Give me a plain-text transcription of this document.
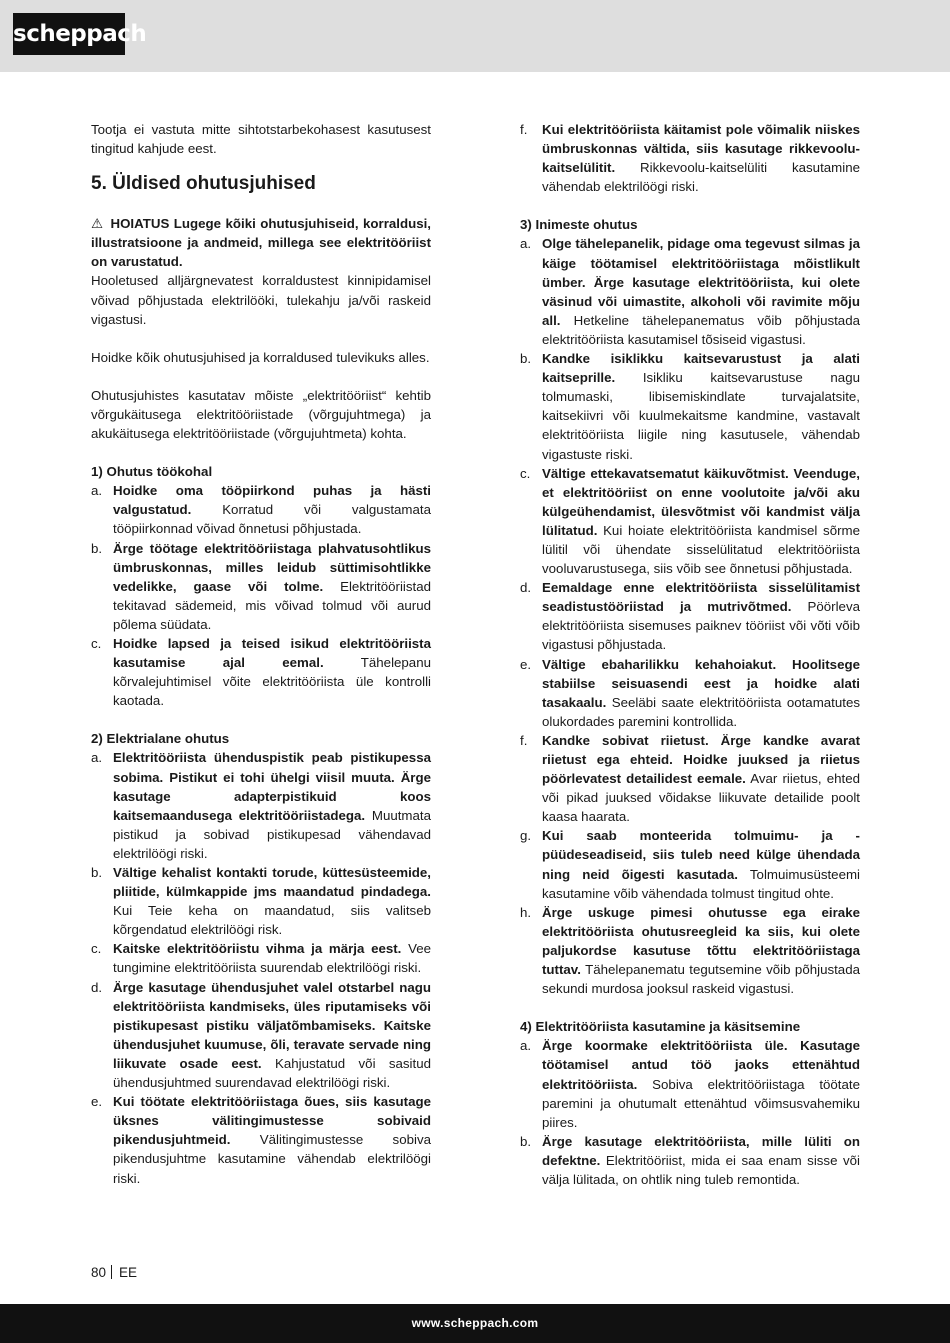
scheppach

Tootja ei vastuta mitte sihtotstarbekohasest kasutusest tingitud kahjude eest.

5. Üldised ohutusjuhised

⚠ HOIATUS Lugege kõiki ohutusjuhiseid, korraldusi, illustratsioone ja andmeid, millega see elektritööriist on varustatud.

Hooletused alljärgnevatest korraldustest kinnipidamisel võivad põhjustada elektrilööki, tulekahju ja/või raskeid vigastusi.

Hoidke kõik ohutusjuhised ja korraldused tulevikuks alles.

Ohutusjuhistes kasutatav mõiste „elektritööriist“ kehtib võrgukäitusega elektritööriistade (võrgujuhtmega) ja akukäitusega elektritööriistade (võrgujuhtmeta) kohta.

1) Ohutus töökohal
a. Hoidke oma tööpiirkond puhas ja hästi valgustatud. Korratud või valgustamata tööpiirkonnad võivad õnnetusi põhjustada.
b. Ärge töötage elektritööriistaga plahvatusohtlikus ümbruskonnas, milles leidub süttimisohtlikke vedelikke, gaase või tolme. Elektritööriistad tekitavad sädemeid, mis võivad tolmud või aurud põlema süüdata.
c. Hoidke lapsed ja teised isikud elektritööriista kasutamise ajal eemal. Tähelepanu kõrvalejuhtimisel võite elektritööriista üle kontrolli kaotada.
2) Elektrialane ohutus
a. Elektritööriista ühenduspistik peab pistikupessa sobima. Pistikut ei tohi ühelgi viisil muuta. Ärge kasutage adapterpistikuid koos kaitsemaandusega elektritööriistadega. Muutmata pistikud ja sobivad pistikupesad vähendavad elektrilöögi riski.
b. Vältige kehalist kontakti torude, küttesüsteemide, pliitide, külmkappide jms maandatud pindadega. Kui Teie keha on maandatud, siis valitseb kõrgendatud elektrilöögi risk.
c. Kaitske elektritööriistu vihma ja märja eest. Vee tungimine elektritööriista suurendab elektrilöögi riski.
d. Ärge kasutage ühendusjuhet valel otstarbel nagu elektritööriista kandmiseks, üles riputamiseks või pistikupesast pistiku väljatõmbamiseks. Kaitske ühendusjuhet kuumuse, õli, teravate servade ning liikuvate osade eest. Kahjustatud või sasitud ühendusjuhtmed suurendavad elektrilöögi riski.
e. Kui töötate elektritööriistaga õues, siis kasutage üksnes välitingimustesse sobivaid pikendusjuhtmeid. Välitingimustesse sobiva pikendusjuhtme kasutamine vähendab elektrilöögi riski.
f. Kui elektritööriista käitamist pole võimalik niiskes ümbruskonnas vältida, siis kasutage rikkevoolu-kaitselülitit. Rikkevoolu-kaitselüliti kasutamine vähendab elektrilöögi riski.
3) Inimeste ohutus
a. Olge tähelepanelik, pidage oma tegevust silmas ja käige töötamisel elektritööriistaga mõistlikult ümber. Ärge kasutage elektritööriista, kui olete väsinud või uimastite, alkoholi või ravimite mõju all. Hetkeline tähelepanematus võib põhjustada elektritööriista kasutamisel tõsiseid vigastusi.
b. Kandke isiklikku kaitsevarustust ja alati kaitseprille. Isikliku kaitsevarustuse nagu tolmumaski, libisemiskindlate turvajalatsite, kaitsekiivri või kuulmekaitsme kandmine, vastavalt elektritööriista liigile ning kasutusele, vähendab vigastuste riski.
c. Vältige ettekavatsematut käikuvõtmist. Veenduge, et elektritööriist on enne voolutoite ja/või aku külgeühendamist, ülesvõtmist või kandmist välja lülitatud. Kui hoiate elektritööriista kandmisel sõrme lülitil või ühendate sisselülitatud elektritööriista vooluvarustusega, siis võib see õnnetusi põhjustada.
d. Eemaldage enne elektritööriista sisselülitamist seadistustööriistad ja mutrivõtmed. Pöörleva elektritööriista sisemuses paiknev tööriist või võti võib vigastusi põhjustada.
e. Vältige ebaharilikku kehahoiakut. Hoolitsege stabiilse seisuasendi eest ja hoidke alati tasakaalu. Seeläbi saate elektritööriista ootamatutes olukordades paremini kontrollida.
f. Kandke sobivat riietust. Ärge kandke avarat riietust ega ehteid. Hoidke juuksed ja riietus pöörlevatest detailidest eemale. Avar riietus, ehted või pikad juuksed võidakse liikuvate detailide poolt kaasa haarata.
g. Kui saab monteerida tolmuimu- ja -püüdeseadiseid, siis tuleb need külge ühendada ning neid õigesti kasutada. Tolmuimusüsteemi kasutamine võib vähendada tolmust tingitud ohte.
h. Ärge uskuge pimesi ohutusse ega eirake elektritööriista ohutusreegleid ka siis, kui olete paljukordse kasutuse tõttu elektritööriistaga tuttav. Tähelepanematu tegutsemine võib põhjustada sekundi murdosa jooksul raskeid vigastusi.
4) Elektritööriista kasutamine ja käsitsemine
a. Ärge koormake elektritööriista üle. Kasutage töötamisel antud töö jaoks ettenähtud elektritööriista. Sobiva elektritööriistaga töötate paremini ja ohutumalt ettenähtud võimsusvahemiku piires.
b. Ärge kasutage elektritööriista, mille lüliti on defektne. Elektritööriist, mida ei saa enam sisse või välja lülitada, on ohtlik ning tuleb remontida.
80 EE
www.scheppach.com
